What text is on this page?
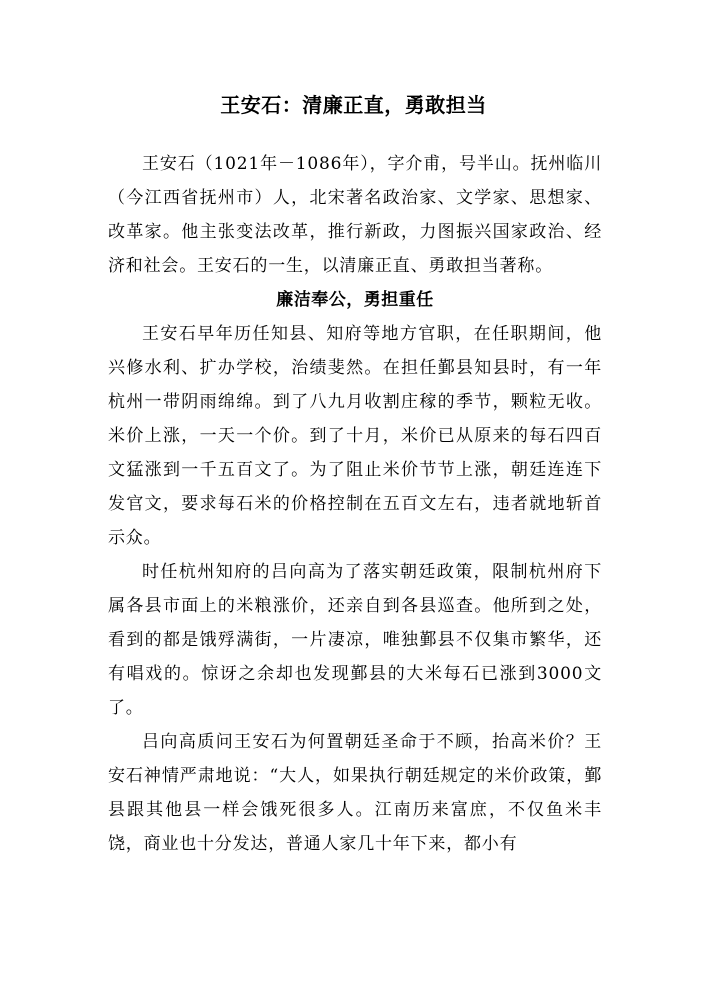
王安石：清廉正直，勇敢担当

王安石（1021年－1086年），字介甫，号半山。抚州临川（今江西省抚州市）人，北宋著名政治家、文学家、思想家、改革家。他主张变法改革，推行新政，力图振兴国家政治、经济和社会。王安石的一生，以清廉正直、勇敢担当著称。

廉洁奉公，勇担重任

王安石早年历任知县、知府等地方官职，在任职期间，他兴修水利、扩办学校，治绩斐然。在担任鄞县知县时，有一年杭州一带阴雨绵绵。到了八九月收割庄稼的季节，颗粒无收。米价上涨，一天一个价。到了十月，米价已从原来的每石四百文猛涨到一千五百文了。为了阻止米价节节上涨，朝廷连连下发官文，要求每石米的价格控制在五百文左右，违者就地斩首示众。

时任杭州知府的吕向高为了落实朝廷政策，限制杭州府下属各县市面上的米粮涨价，还亲自到各县巡查。他所到之处，看到的都是饿殍满街，一片凄凉，唯独鄞县不仅集市繁华，还有唱戏的。惊讶之余却也发现鄞县的大米每石已涨到3000文了。

吕向高质问王安石为何置朝廷圣命于不顾，抬高米价？王安石神情严肃地说：“大人，如果执行朝廷规定的米价政策，鄞县跟其他县一样会饿死很多人。江南历来富庶，不仅鱼米丰饶，商业也十分发达，普通人家几十年下来，都小有
